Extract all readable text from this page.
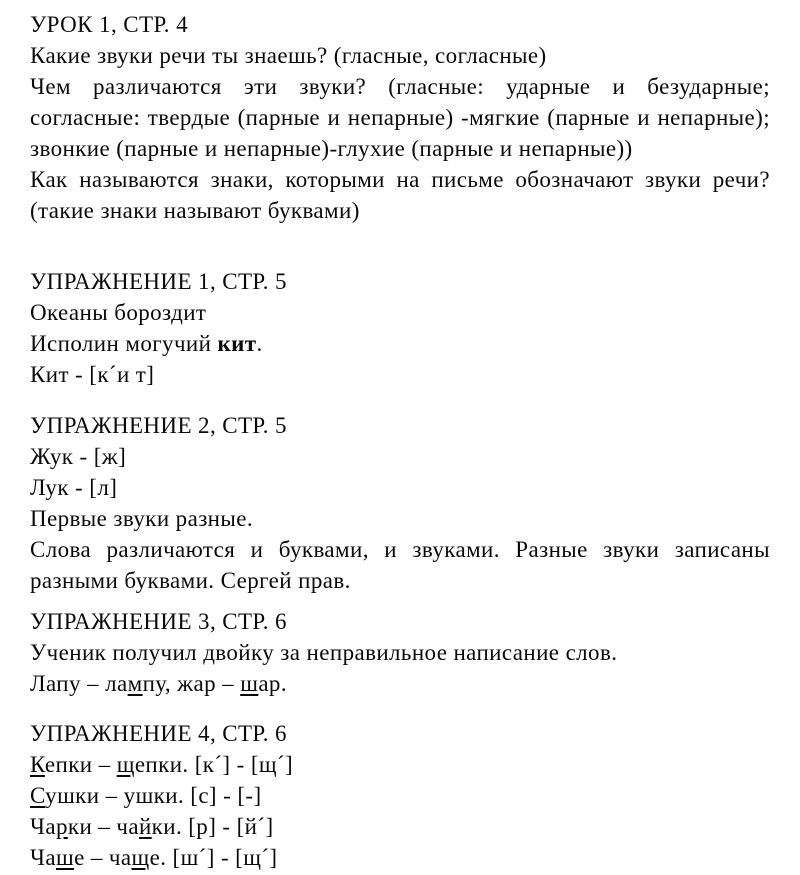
УРОК 1, СТР. 4

Какие звуки речи ты знаешь? (гласные, согласные)

Чем различаются эти звуки? (гласные: ударные и безударные;

согласные: твердые (парные и непарные) -мягкие (парные и непарные);

звонкие (парные и непарные)-глухие (парные и непарные))

Как называются знаки, которыми на письме обозначают звуки речи?

(такие знаки называют буквами)

УПРАЖНЕНИЕ 1, СТР. 5

Океаны бороздит

Исполин могучий кит.

Кит - [к´и т]

УПРАЖНЕНИЕ 2, СТР. 5

Жук - [ж]

Лук - [л]

Первые звуки разные.

Слова различаются и буквами, и звуками. Разные звуки записаны

разными буквами. Сергей прав.

УПРАЖНЕНИЕ 3, СТР. 6

Ученик получил двойку за неправильное написание слов.

Лапу – лампу, жар – шар.

УПРАЖНЕНИЕ 4, СТР. 6

Кепки – щепки. [к´] - [щ´]

Сушки – ушки. [с] - [-]

Чарки – чайки. [р] - [й´]

Чаше – чаще. [ш´] - [щ´]
